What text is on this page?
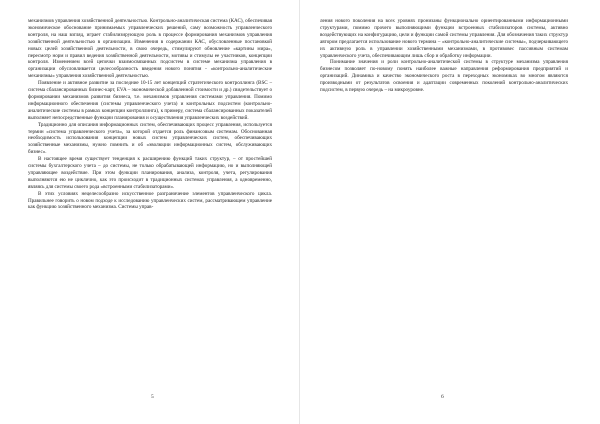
механизмов управления хозяйственной деятельностью. Контрольно-аналитическая система (КАС), обеспечивая экономическое обоснование принимаемых управленческих решений, саму возможность управленческого контроля, на наш взгляд, играет стабилизирующую роль в процессе формирования механизмов управления хозяйственной деятельностью в организации. Изменения в содержании КАС, обусловленные постановкой новых целей хозяйственной деятельности, в свою очередь, стимулируют обновление «картины мира», пересмотр норм и правил ведения хозяйственной деятельности, мотивы и стимулы ее участников, концепции контроля. Изменением всей цепочки взаимосвязанных подсистем в системе механизма управления в организации обусловливается целесообразность введения нового понятия - «контрольно-аналитические механизмы» управления хозяйственной деятельностью.

Появление и активное развитие за последние 10-15 лет концепций стратегического контроллинга (BSC – система сбалансированных бизнес-карт, EVA – экономической добавленной стоимости и др.) свидетельствует о формировании механизмов развития бизнеса, т.е. механизмов управления системами управления. Помимо информационного обеспечения (системы управленческого учета) и контрольных подсистем (контрольно-аналитические системы в рамках концепции контроллинга), к примеру, система сбалансированных показателей выполняет непосредственные функции планирования и осуществления управленческих воздействий.

Традиционно для описания информационных систем, обеспечивающих процесс управления, используется термин «система управленческого учета», за которой отдается роль финансовым системам. Обоснованная необходимость использования концепции новых систем управленческих систем, обеспечивающих хозяйственные механизмы, нужно помнить и об «эволюции информационных систем, обслуживающих бизнес».

В настоящее время существует тенденция к расширению функций таких структур, – от простейшей системы бухгалтерского учета – до системы, не только обрабатывающей информацию, но и выполняющей управляющее воздействие. При этом функции планирования, анализа, контроля, учета, регулирования выполняются ею не циклично, как это происходит в традиционных системах управления, а одновременно, являясь для системы своего рода «встроенными стабилизаторами».

В этих условиях нецелесообразно искусственное разграничение элементов управленческого цикла. Правильнее говорить о новом подходе к исследованию управленческих систем, рассматривающем управление как функцию хозяйственного механизма. Системы управ-

5

ления нового поколения на всех уровнях пронизаны функционально ориентированными информационными структурами, помимо прочего выполняющими функции встроенных стабилизаторов системы, активно воздействующих на конфигурацию, цели и функции самой системы управления. Для обозначения таких структур автором предлагается использование нового термина – «контрольно-аналитические системы», подчеркивающего их активную роль в управлении хозяйственными механизмами, в противовес пассивным системам управленческого учета, обеспечивающим лишь сбор и обработку информации.

Понимание значения и роли контрольно-аналитической системы в структуре механизма управления бизнесом позволяет по-новому понять наиболее важные направления реформирования предприятий и организаций. Динамика и качество экономического роста в переходных экономиках во многом являются производными от результатов освоения и адаптации современных поколений контрольно-аналитических подсистем, в первую очередь – на микроуровне.

6
